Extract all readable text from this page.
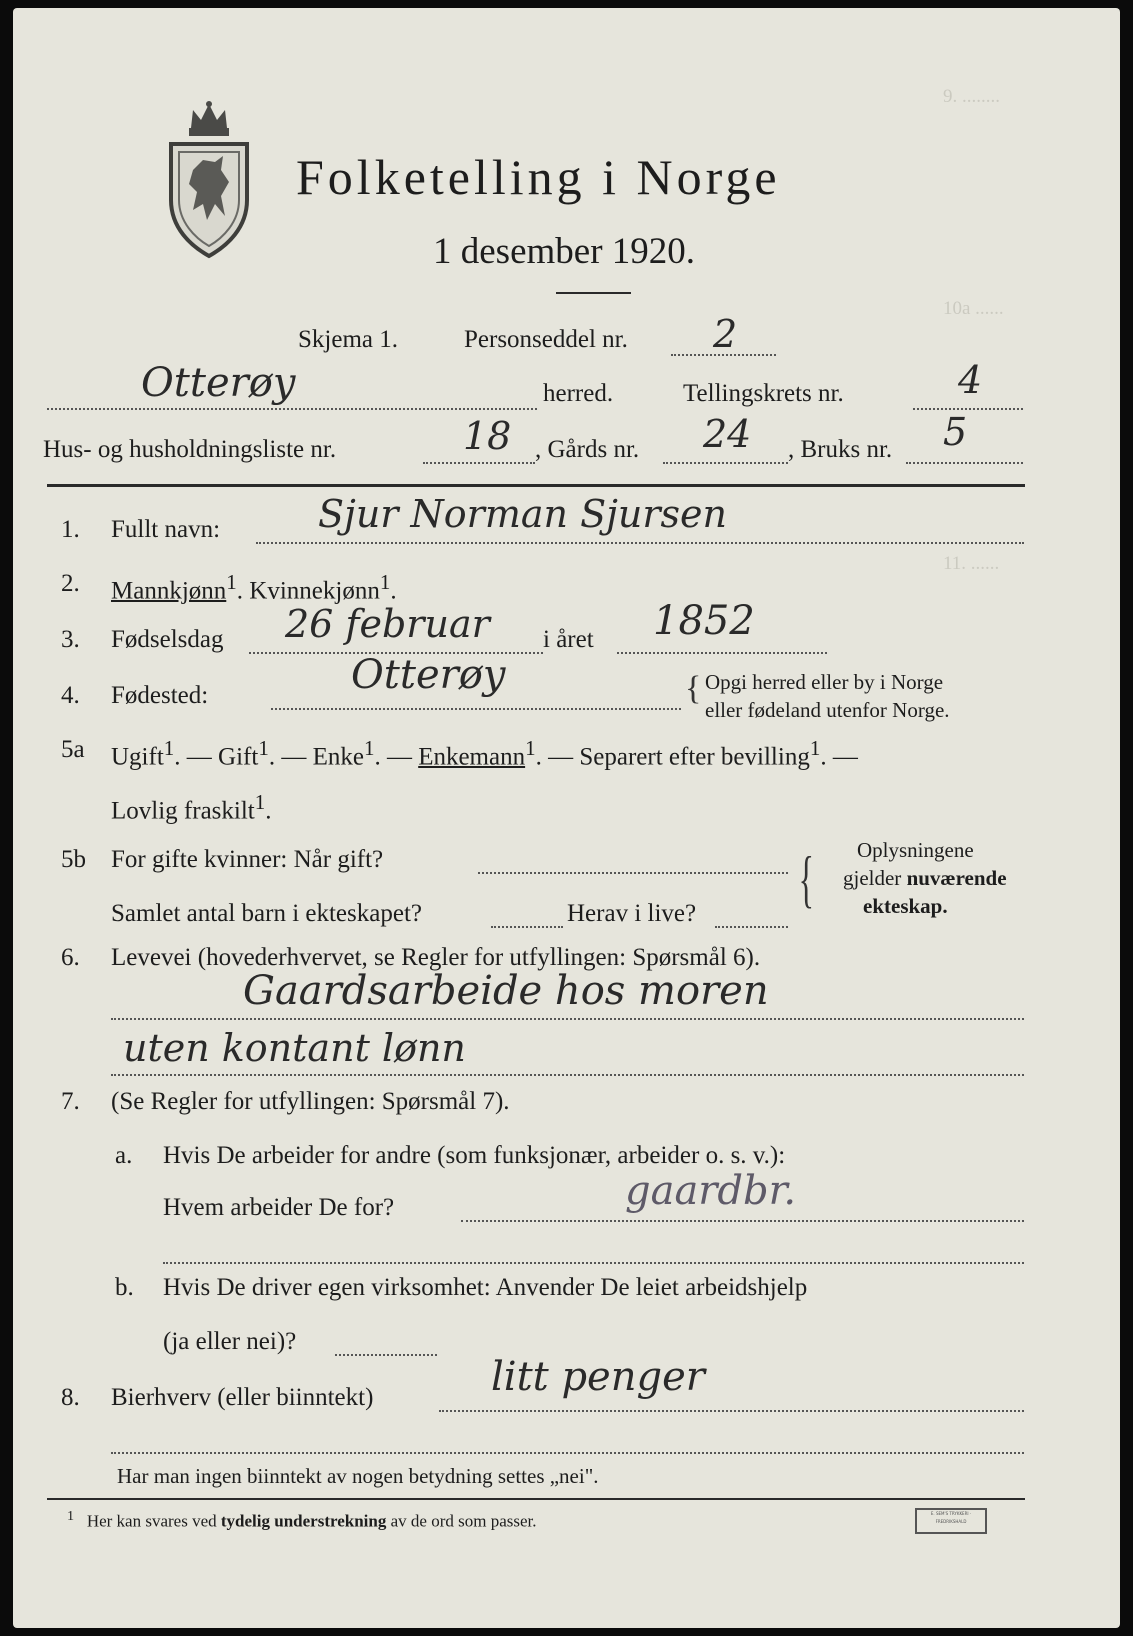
9. ........
10a ......
11. ......
Folketelling i Norge
1 desember 1920.
Skjema 1.	Personseddel nr. 2
Otterøy	herred.	Tellingskrets nr.	4
Hus- og husholdningsliste nr.	18 , Gårds nr. 24 , Bruks nr. 5
1. Fullt navn:	Sjur Norman Sjursen
2. Mannkjønn$^1$. Kvinnekjønn$^1$.
3. Fødselsdag 26 februar i året 1852
4. Fødested:	Otterøy	{ Opgi herred eller by i Norge
eller fødeland utenfor Norge.
5a Ugift$^1$. — Gift$^1$. — Enke$^1$. — Enkemann$^1$. — Separert efter bevilling$^1$. —
Lovlig fraskilt$^1$.
5b For gifte kvinner: Når gift?
Samlet antal barn i ekteskapet?	Herav i live? { Oplysningene
gjelder nuværende
ekteskap.
6. Levevei (hovederhvervet, se Regler for utfyllingen: Spørsmål 6).
Gaardsarbeide hos moren
uten kontant lønn
7. (Se Regler for utfyllingen: Spørsmål 7).
a. Hvis De arbeider for andre (som funksjonær, arbeider o. s. v.):
Hvem arbeider De for?	gaardbr.
b. Hvis De driver egen virksomhet: Anvender De leiet arbeidshjelp
(ja eller nei)?
8. Bierhverv (eller biinntekt)	litt penger
Har man ingen biinntekt av nogen betydning settes „nei".
$^1$ Her kan svares ved tydelig understrekning av de ord som passer.	E. SEM'S TRYKKERI · FREDRIKSHALD
